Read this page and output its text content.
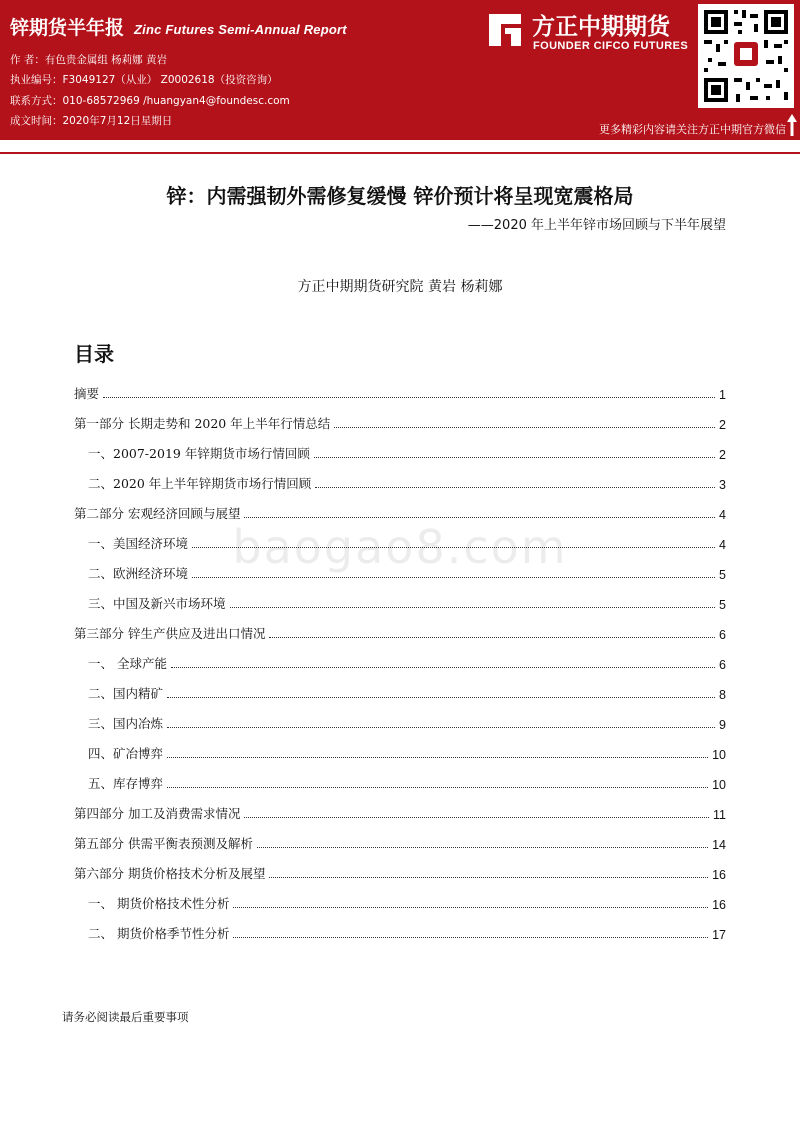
锌期货半年报 Zinc Futures Semi-Annual Report
作 者：有色贵金属组 杨莉娜 黄岩
执业编号：F3049127（从业） Z0002618（投资咨询）
联系方式：010-68572969 /huangyan4@foundesc.com
成文时间：2020年7月12日星期日
方正中期期货
FOUNDER CIFCO FUTURES
更多精彩内容请关注方正中期官方微信
锌：内需强韧外需修复缓慢 锌价预计将呈现宽震格局
——2020 年上半年锌市场回顾与下半年展望
方正中期期货研究院 黄岩 杨莉娜
baogao8.com
目录
摘要	1
第一部分 长期走势和 2020 年上半年行情总结	2
一、2007-2019 年锌期货市场行情回顾	2
二、2020 年上半年锌期货市场行情回顾	3
第二部分 宏观经济回顾与展望	4
一、美国经济环境	4
二、欧洲经济环境	5
三、中国及新兴市场环境	5
第三部分 锌生产供应及进出口情况	6
一、 全球产能	6
二、国内精矿	8
三、国内冶炼	9
四、矿冶博弈	10
五、库存博弈	10
第四部分 加工及消费需求情况	11
第五部分 供需平衡表预测及解析	14
第六部分 期货价格技术分析及展望	16
一、 期货价格技术性分析	16
二、 期货价格季节性分析	17
请务必阅读最后重要事项
